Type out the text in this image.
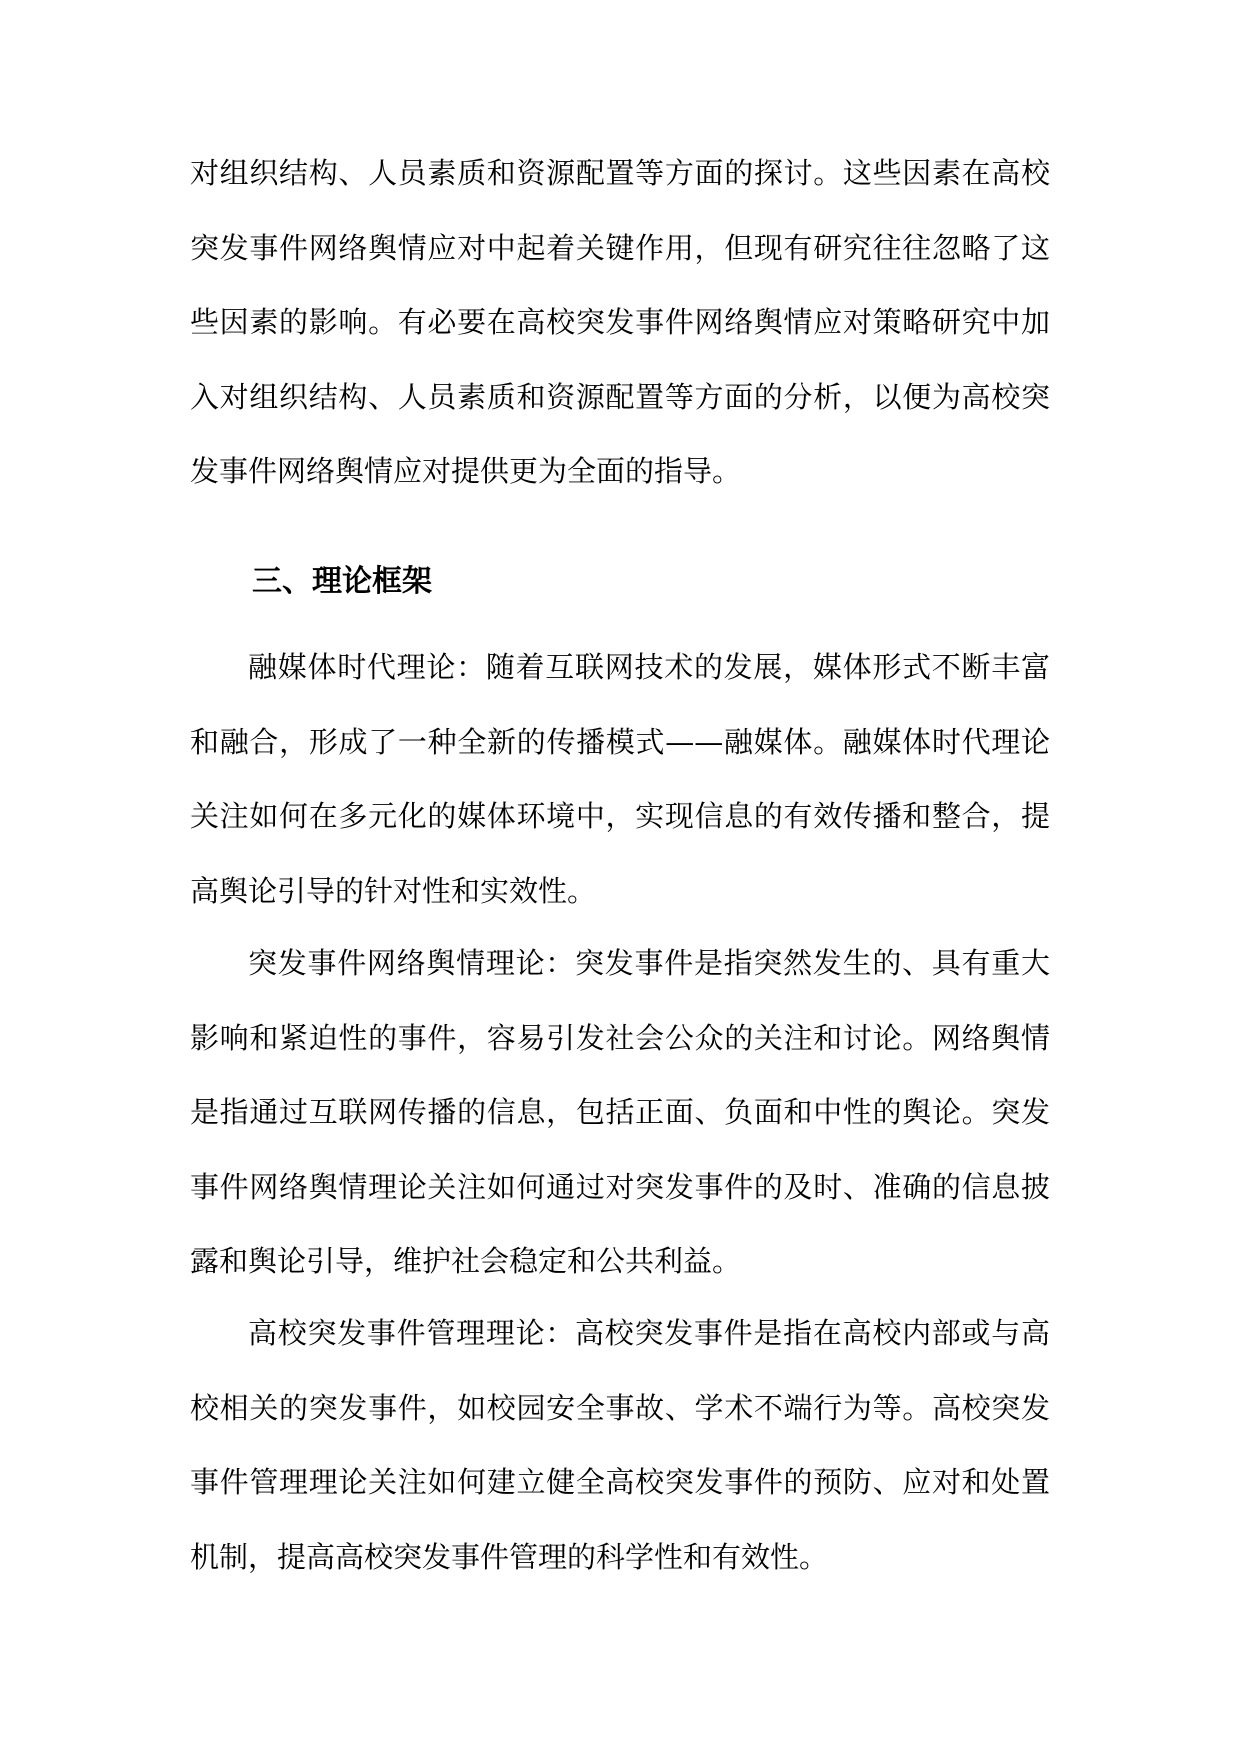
对组织结构、人员素质和资源配置等方面的探讨。这些因素在高校突发事件网络舆情应对中起着关键作用，但现有研究往往忽略了这些因素的影响。有必要在高校突发事件网络舆情应对策略研究中加入对组织结构、人员素质和资源配置等方面的分析，以便为高校突发事件网络舆情应对提供更为全面的指导。

三、理论框架

融媒体时代理论：随着互联网技术的发展，媒体形式不断丰富和融合，形成了一种全新的传播模式——融媒体。融媒体时代理论关注如何在多元化的媒体环境中，实现信息的有效传播和整合，提高舆论引导的针对性和实效性。

突发事件网络舆情理论：突发事件是指突然发生的、具有重大影响和紧迫性的事件，容易引发社会公众的关注和讨论。网络舆情是指通过互联网传播的信息，包括正面、负面和中性的舆论。突发事件网络舆情理论关注如何通过对突发事件的及时、准确的信息披露和舆论引导，维护社会稳定和公共利益。

高校突发事件管理理论：高校突发事件是指在高校内部或与高校相关的突发事件，如校园安全事故、学术不端行为等。高校突发事件管理理论关注如何建立健全高校突发事件的预防、应对和处置机制，提高高校突发事件管理的科学性和有效性。
